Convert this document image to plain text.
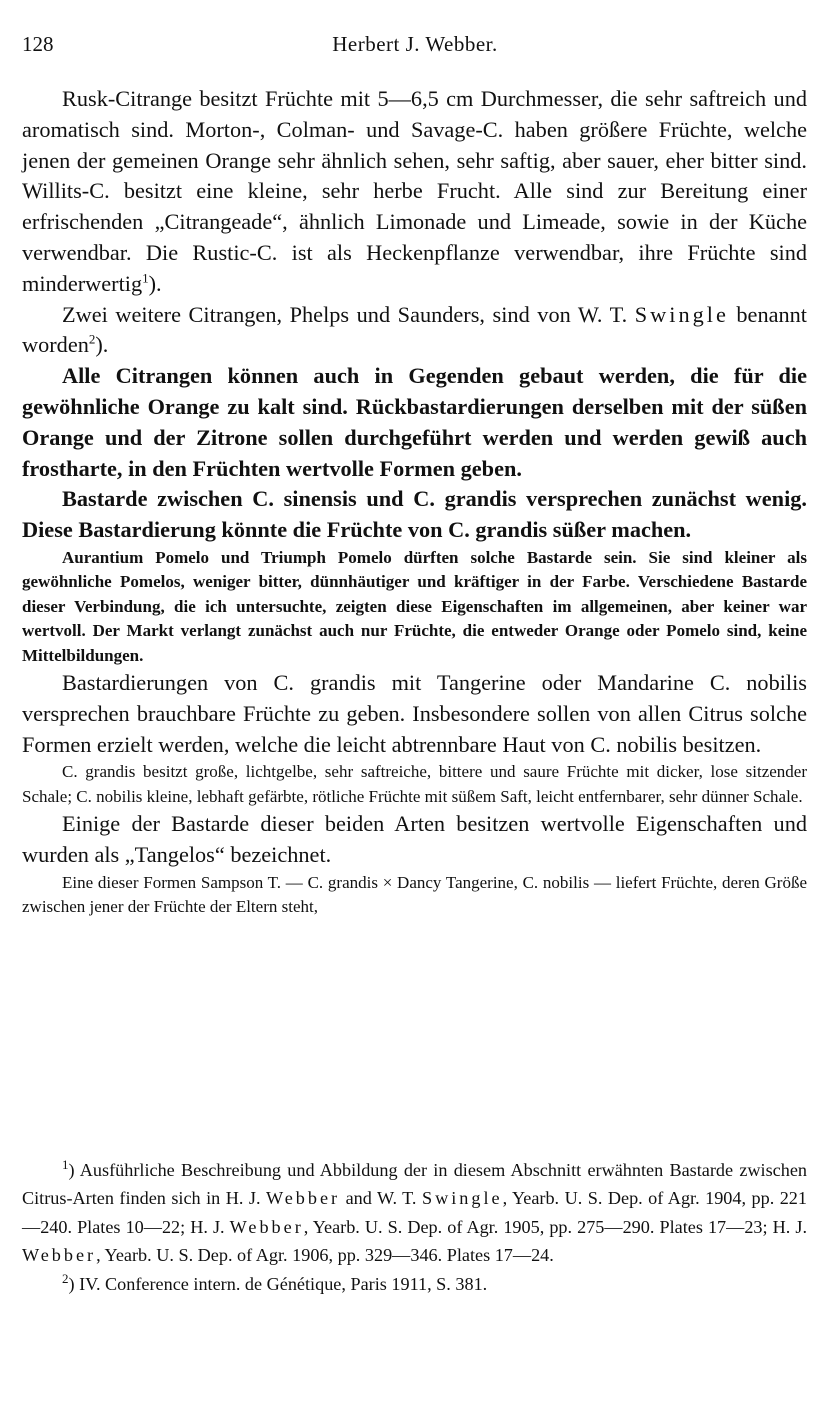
128	Herbert J. Webber.

Rusk-Citrange besitzt Früchte mit 5—6,5 cm Durchmesser, die sehr saftreich und aromatisch sind. Morton-, Colman- und Savage-C. haben größere Früchte, welche jenen der gemeinen Orange sehr ähnlich sehen, sehr saftig, aber sauer, eher bitter sind. Willits-C. besitzt eine kleine, sehr herbe Frucht. Alle sind zur Bereitung einer erfrischenden „Citrangeade“, ähnlich Limonade und Limeade, sowie in der Küche verwendbar. Die Rustic-C. ist als Heckenpflanze verwendbar, ihre Früchte sind minderwertig$^1$).

Zwei weitere Citrangen, Phelps und Saunders, sind von W. T. Swingle benannt worden$^2$).

Alle Citrangen können auch in Gegenden gebaut werden, die für die gewöhnliche Orange zu kalt sind. Rückbastardierungen derselben mit der süßen Orange und der Zitrone sollen durchgeführt werden und werden gewiß auch frostharte, in den Früchten wertvolle Formen geben.

Bastarde zwischen C. sinensis und C. grandis versprechen zunächst wenig. Diese Bastardierung könnte die Früchte von C. grandis süßer machen.

Aurantium Pomelo und Triumph Pomelo dürften solche Bastarde sein. Sie sind kleiner als gewöhnliche Pomelos, weniger bitter, dünnhäutiger und kräftiger in der Farbe. Verschiedene Bastarde dieser Verbindung, die ich untersuchte, zeigten diese Eigenschaften im allgemeinen, aber keiner war wertvoll. Der Markt verlangt zunächst auch nur Früchte, die entweder Orange oder Pomelo sind, keine Mittelbildungen.

Bastardierungen von C. grandis mit Tangerine oder Mandarine C. nobilis versprechen brauchbare Früchte zu geben. Insbesondere sollen von allen Citrus solche Formen erzielt werden, welche die leicht abtrennbare Haut von C. nobilis besitzen.

C. grandis besitzt große, lichtgelbe, sehr saftreiche, bittere und saure Früchte mit dicker, lose sitzender Schale; C. nobilis kleine, lebhaft gefärbte, rötliche Früchte mit süßem Saft, leicht entfernbarer, sehr dünner Schale.

Einige der Bastarde dieser beiden Arten besitzen wertvolle Eigenschaften und wurden als „Tangelos“ bezeichnet.

Eine dieser Formen Sampson T. — C. grandis × Dancy Tangerine, C. nobilis — liefert Früchte, deren Größe zwischen jener der Früchte der Eltern steht,

$^1$) Ausführliche Beschreibung und Abbildung der in diesem Abschnitt erwähnten Bastarde zwischen Citrus-Arten finden sich in H. J. Webber and W. T. Swingle, Yearb. U. S. Dep. of Agr. 1904, pp. 221—240. Plates 10—22; H. J. Webber, Yearb. U. S. Dep. of Agr. 1905, pp. 275—290. Plates 17—23; H. J. Webber, Yearb. U. S. Dep. of Agr. 1906, pp. 329—346. Plates 17—24.

$^2$) IV. Conference intern. de Génétique, Paris 1911, S. 381.
